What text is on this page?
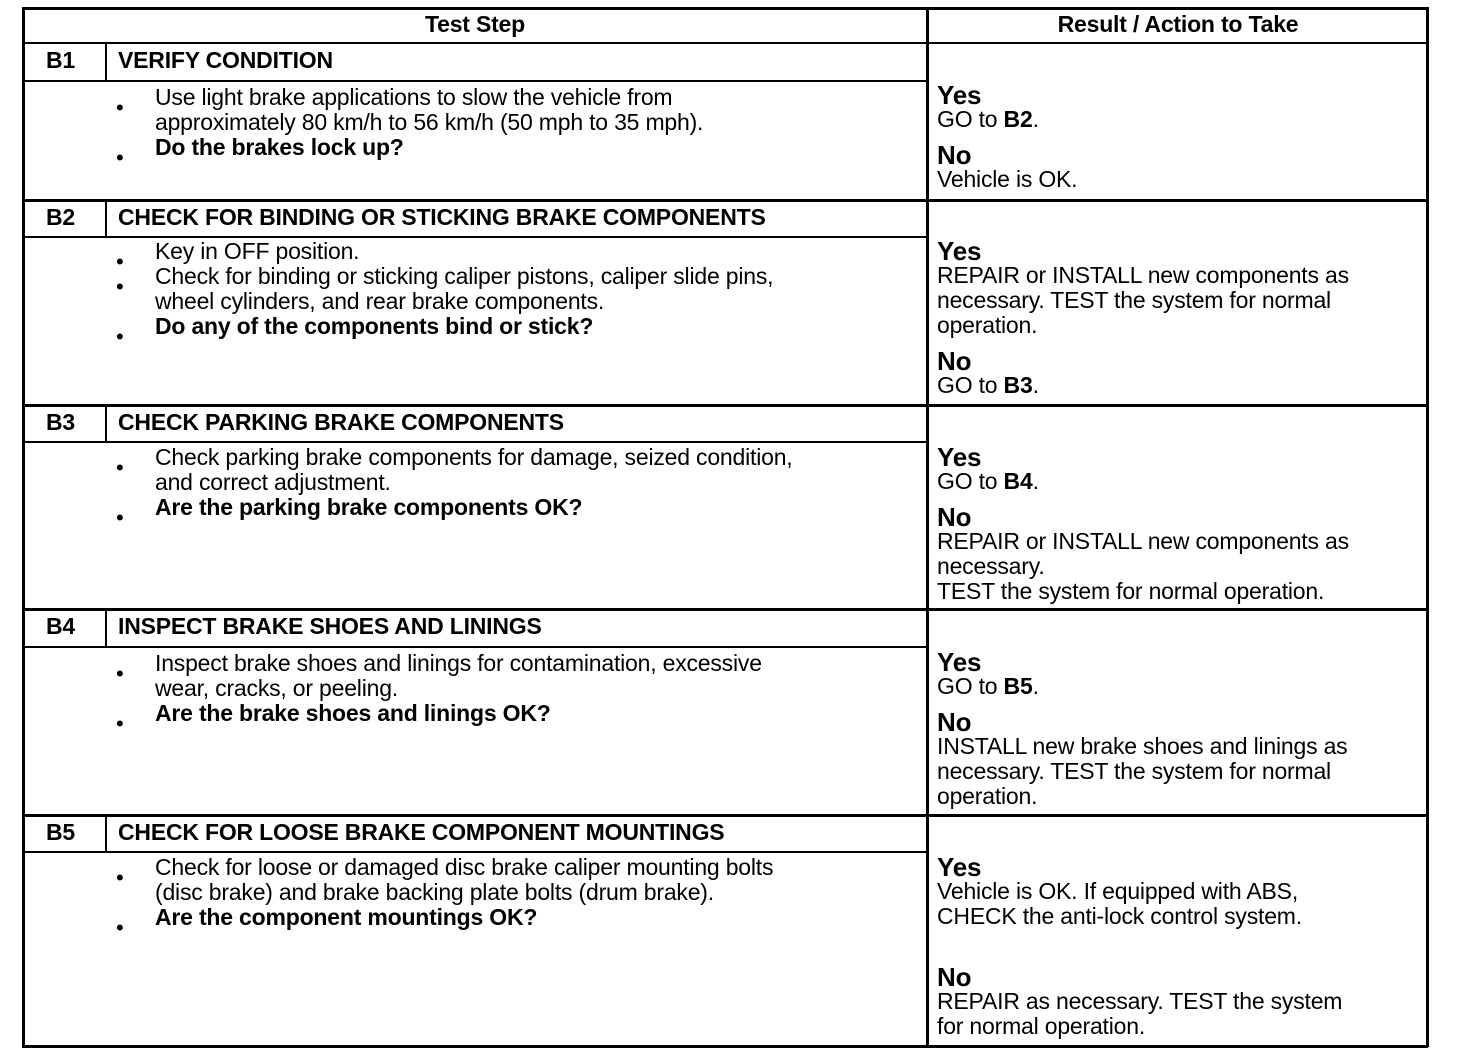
Test Step	Result / Action to Take
B1 VERIFY CONDITION
• Use light brake applications to slow the vehicle from
approximately 80 km/h to 56 km/h (50 mph to 35 mph).
• Do the brakes lock up?
Yes
GO to B2.
No
Vehicle is OK.
B2 CHECK FOR BINDING OR STICKING BRAKE COMPONENTS
• Key in OFF position.
• Check for binding or sticking caliper pistons, caliper slide pins,
wheel cylinders, and rear brake components.
• Do any of the components bind or stick?
Yes
REPAIR or INSTALL new components as
necessary. TEST the system for normal
operation.
No
GO to B3.
B3 CHECK PARKING BRAKE COMPONENTS
• Check parking brake components for damage, seized condition,
and correct adjustment.
• Are the parking brake components OK?
Yes
GO to B4.
No
REPAIR or INSTALL new components as
necessary.
TEST the system for normal operation.
B4 INSPECT BRAKE SHOES AND LININGS
• Inspect brake shoes and linings for contamination, excessive
wear, cracks, or peeling.
• Are the brake shoes and linings OK?
Yes
GO to B5.
No
INSTALL new brake shoes and linings as
necessary. TEST the system for normal
operation.
B5 CHECK FOR LOOSE BRAKE COMPONENT MOUNTINGS
• Check for loose or damaged disc brake caliper mounting bolts
(disc brake) and brake backing plate bolts (drum brake).
• Are the component mountings OK?
Yes
Vehicle is OK. If equipped with ABS,
CHECK the anti-lock control system.
No
REPAIR as necessary. TEST the system
for normal operation.
